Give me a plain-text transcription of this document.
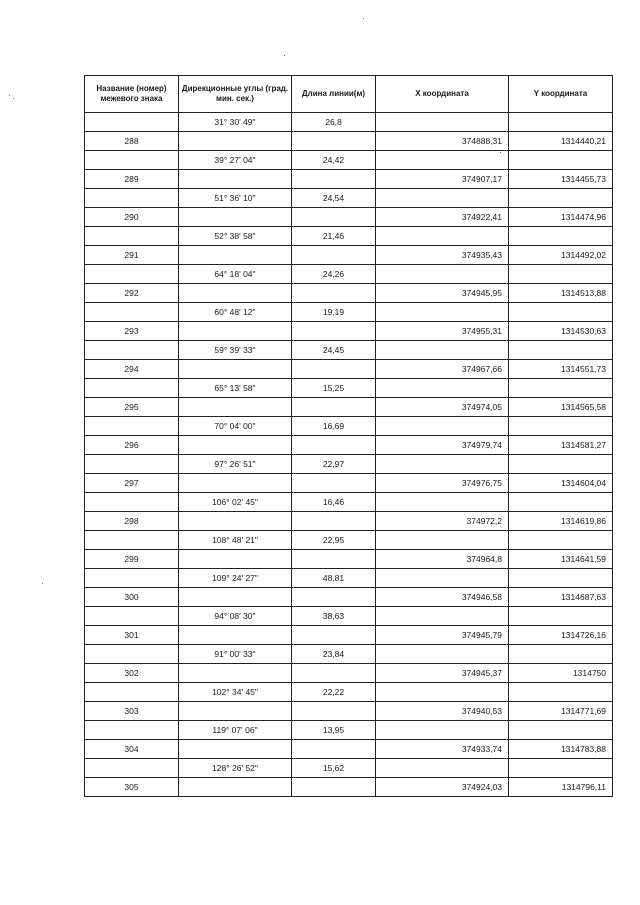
Название (номер) межевого знака	Дирекционные углы (град. мин. сек.)	Длина линии(м)	X координата	Y координата
	31° 30' 49"	26,8		
288			374888,31	1314440,21
	39° 27' 04"	24,42		
289			374907,17	1314455,73
	51° 36' 10"	24,54		
290			374922,41	1314474,96
	52° 38' 58"	21,46		
291			374935,43	1314492,02
	64° 18' 04"	24,26		
292			374945,95	1314513,88
	60° 48' 12"	19,19		
293			374955,31	1314530,63
	59° 39' 33"	24,45		
294			374967,66	1314551,73
	65° 13' 58"	15,25		
295			374974,05	1314565,58
	70° 04' 00"	16,69		
296			374979,74	1314581,27
	97° 26' 51"	22,97		
297			374976,75	1314604,04
	106° 02' 45"	16,46		
298			374972,2	1314619,86
	108° 48' 21"	22,95		
299			374964,8	1314641,59
	109° 24' 27"	48,81		
300			374946,58	1314687,63
	94° 08' 30"	38,63		
301			374945,79	1314726,16
	91° 00' 33"	23,84		
302			374945,37	1314750
	102° 34' 45"	22,22		
303			374940,53	1314771,69
	119° 07' 06"	13,95		
304			374933,74	1314783,88
	128° 26' 52"	15,62		
305			374924,03	1314796,11
